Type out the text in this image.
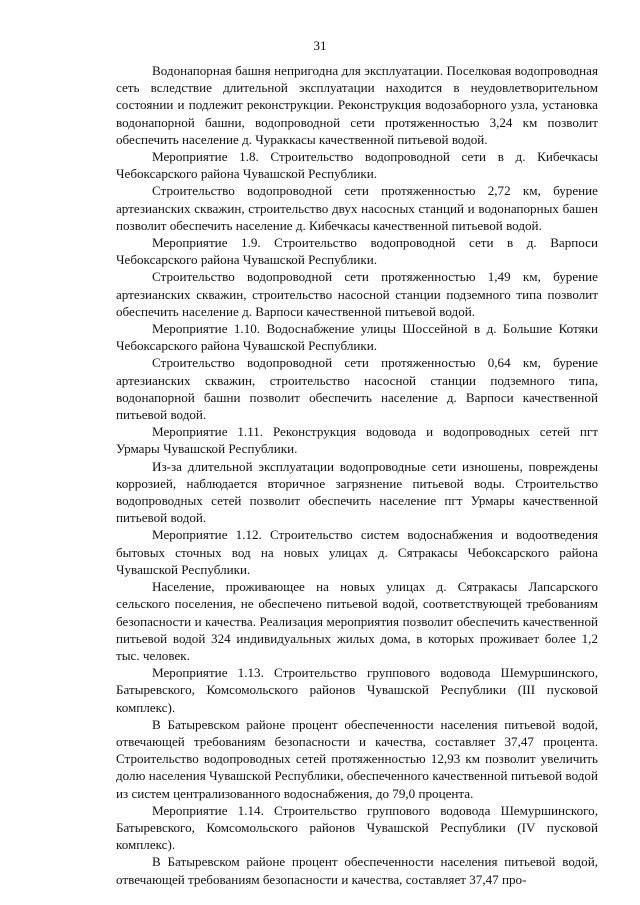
31

Водонапорная башня непригодна для эксплуатации. Поселковая водопроводная сеть вследствие длительной эксплуатации находится в неудовлетворительном состоянии и подлежит реконструкции. Реконструкция водозаборного узла, установка водонапорной башни, водопроводной сети протяженностью 3,24 км позволит обеспечить население д. Чураккасы качественной питьевой водой.

Мероприятие 1.8. Строительство водопроводной сети в д. Кибечкасы Чебоксарского района Чувашской Республики.

Строительство водопроводной сети протяженностью 2,72 км, бурение артезианских скважин, строительство двух насосных станций и водонапорных башен позволит обеспечить население д. Кибечкасы качественной питьевой водой.

Мероприятие 1.9. Строительство водопроводной сети в д. Варпоси Чебоксарского района Чувашской Республики.

Строительство водопроводной сети протяженностью 1,49 км, бурение артезианских скважин, строительство насосной станции подземного типа позволит обеспечить население д. Варпоси качественной питьевой водой.

Мероприятие 1.10. Водоснабжение улицы Шоссейной в д. Большие Котяки Чебоксарского района Чувашской Республики.

Строительство водопроводной сети протяженностью 0,64 км, бурение артезианских скважин, строительство насосной станции подземного типа, водонапорной башни позволит обеспечить население д. Варпоси качественной питьевой водой.

Мероприятие 1.11. Реконструкция водовода и водопроводных сетей пгт Урмары Чувашской Республики.

Из-за длительной эксплуатации водопроводные сети изношены, повреждены коррозией, наблюдается вторичное загрязнение питьевой воды. Строительство водопроводных сетей позволит обеспечить население пгт Урмары качественной питьевой водой.

Мероприятие 1.12. Строительство систем водоснабжения и водоотведения бытовых сточных вод на новых улицах д. Сятракасы Чебоксарского района Чувашской Республики.

Население, проживающее на новых улицах д. Сятракасы Лапсарского сельского поселения, не обеспечено питьевой водой, соответствующей требованиям безопасности и качества. Реализация мероприятия позволит обеспечить качественной питьевой водой 324 индивидуальных жилых дома, в которых проживает более 1,2 тыс. человек.

Мероприятие 1.13. Строительство группового водовода Шемуршинского, Батыревского, Комсомольского районов Чувашской Республики (III пусковой комплекс).

В Батыревском районе процент обеспеченности населения питьевой водой, отвечающей требованиям безопасности и качества, составляет 37,47 процента. Строительство водопроводных сетей протяженностью 12,93 км позволит увеличить долю населения Чувашской Республики, обеспеченного качественной питьевой водой из систем централизованного водоснабжения, до 79,0 процента.

Мероприятие 1.14. Строительство группового водовода Шемуршинского, Батыревского, Комсомольского районов Чувашской Республики (IV пусковой комплекс).

В Батыревском районе процент обеспеченности населения питьевой водой, отвечающей требованиям безопасности и качества, составляет 37,47 про-
